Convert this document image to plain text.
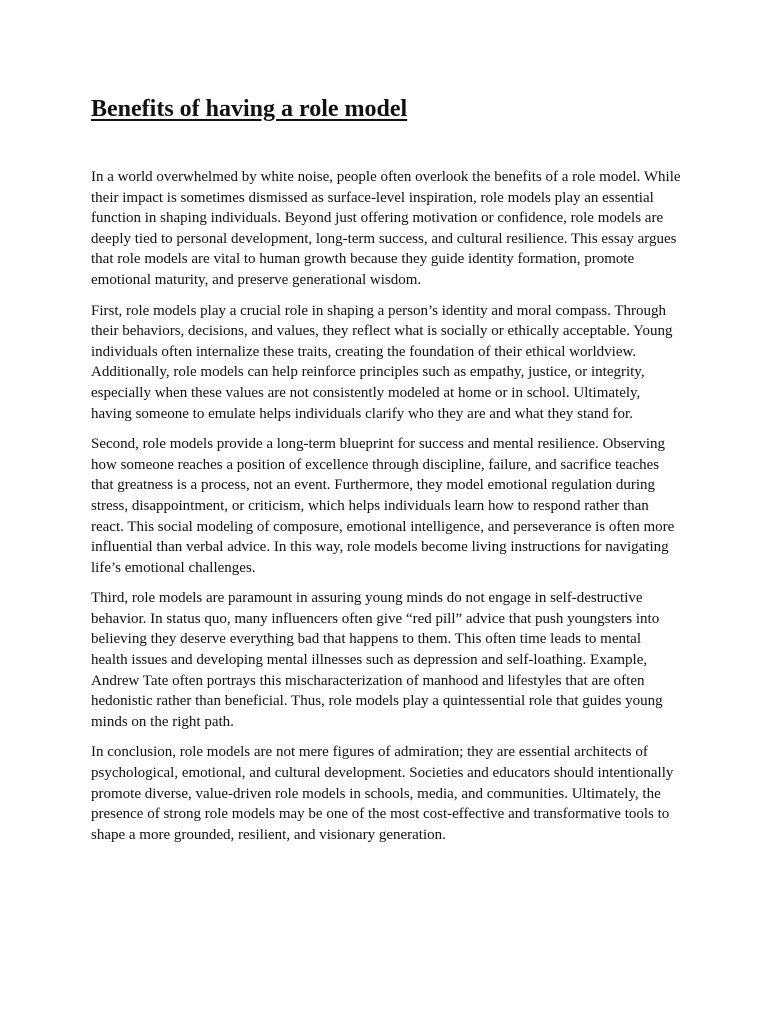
Benefits of having a role model

In a world overwhelmed by white noise, people often overlook the benefits of a role model. While their impact is sometimes dismissed as surface-level inspiration, role models play an essential function in shaping individuals. Beyond just offering motivation or confidence, role models are deeply tied to personal development, long-term success, and cultural resilience. This essay argues that role models are vital to human growth because they guide identity formation, promote emotional maturity, and preserve generational wisdom.

First, role models play a crucial role in shaping a person’s identity and moral compass. Through their behaviors, decisions, and values, they reflect what is socially or ethically acceptable. Young individuals often internalize these traits, creating the foundation of their ethical worldview. Additionally, role models can help reinforce principles such as empathy, justice, or integrity, especially when these values are not consistently modeled at home or in school. Ultimately, having someone to emulate helps individuals clarify who they are and what they stand for.

Second, role models provide a long-term blueprint for success and mental resilience. Observing how someone reaches a position of excellence through discipline, failure, and sacrifice teaches that greatness is a process, not an event. Furthermore, they model emotional regulation during stress, disappointment, or criticism, which helps individuals learn how to respond rather than react. This social modeling of composure, emotional intelligence, and perseverance is often more influential than verbal advice. In this way, role models become living instructions for navigating life’s emotional challenges.

Third, role models are paramount in assuring young minds do not engage in self-destructive behavior. In status quo, many influencers often give “red pill” advice that push youngsters into believing they deserve everything bad that happens to them. This often time leads to mental health issues and developing mental illnesses such as depression and self-loathing. Example, Andrew Tate often portrays this mischaracterization of manhood and lifestyles that are often hedonistic rather than beneficial. Thus, role models play a quintessential role that guides young minds on the right path.

In conclusion, role models are not mere figures of admiration; they are essential architects of psychological, emotional, and cultural development. Societies and educators should intentionally promote diverse, value-driven role models in schools, media, and communities. Ultimately, the presence of strong role models may be one of the most cost-effective and transformative tools to shape a more grounded, resilient, and visionary generation.
